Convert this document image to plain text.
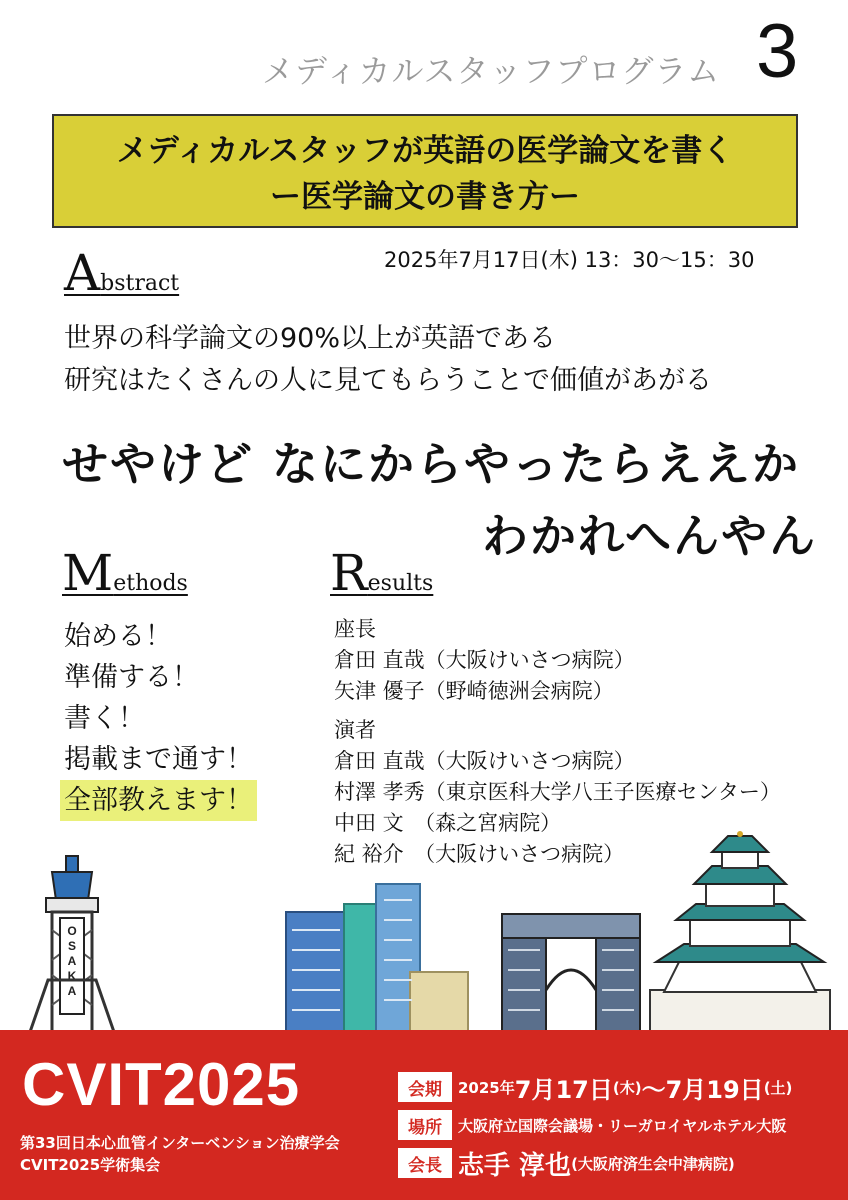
メディカルスタッフプログラム 3
メディカルスタッフが英語の医学論文を書く
ー医学論文の書き方ー
2025年7月17日(木) 13：30〜15：30
Abstract
世界の科学論文の90%以上が英語である
研究はたくさんの人に見てもらうことで価値があがる
せやけど なにからやったらええか
わかれへんやん
Methods
始める！
準備する！
書く！
掲載まで通す！
全部教えます！
Results
座長
倉田 直哉（大阪けいさつ病院）
矢津 優子（野崎徳洲会病院）
演者
倉田 直哉（大阪けいさつ病院）
村澤 孝秀（東京医科大学八王子医療センター）
中田 文　（森之宮病院）
紀 裕介　（大阪けいさつ病院）
O
S
A
K
A
CVIT2025
第33回日本心血管インターベンション治療学会
CVIT2025学術集会
会期	2025年 7月17日 (木) 〜7月19日 (土)
場所	大阪府立国際会議場・リーガロイヤルホテル大阪
会長 志手 淳也 (大阪府済生会中津病院)
